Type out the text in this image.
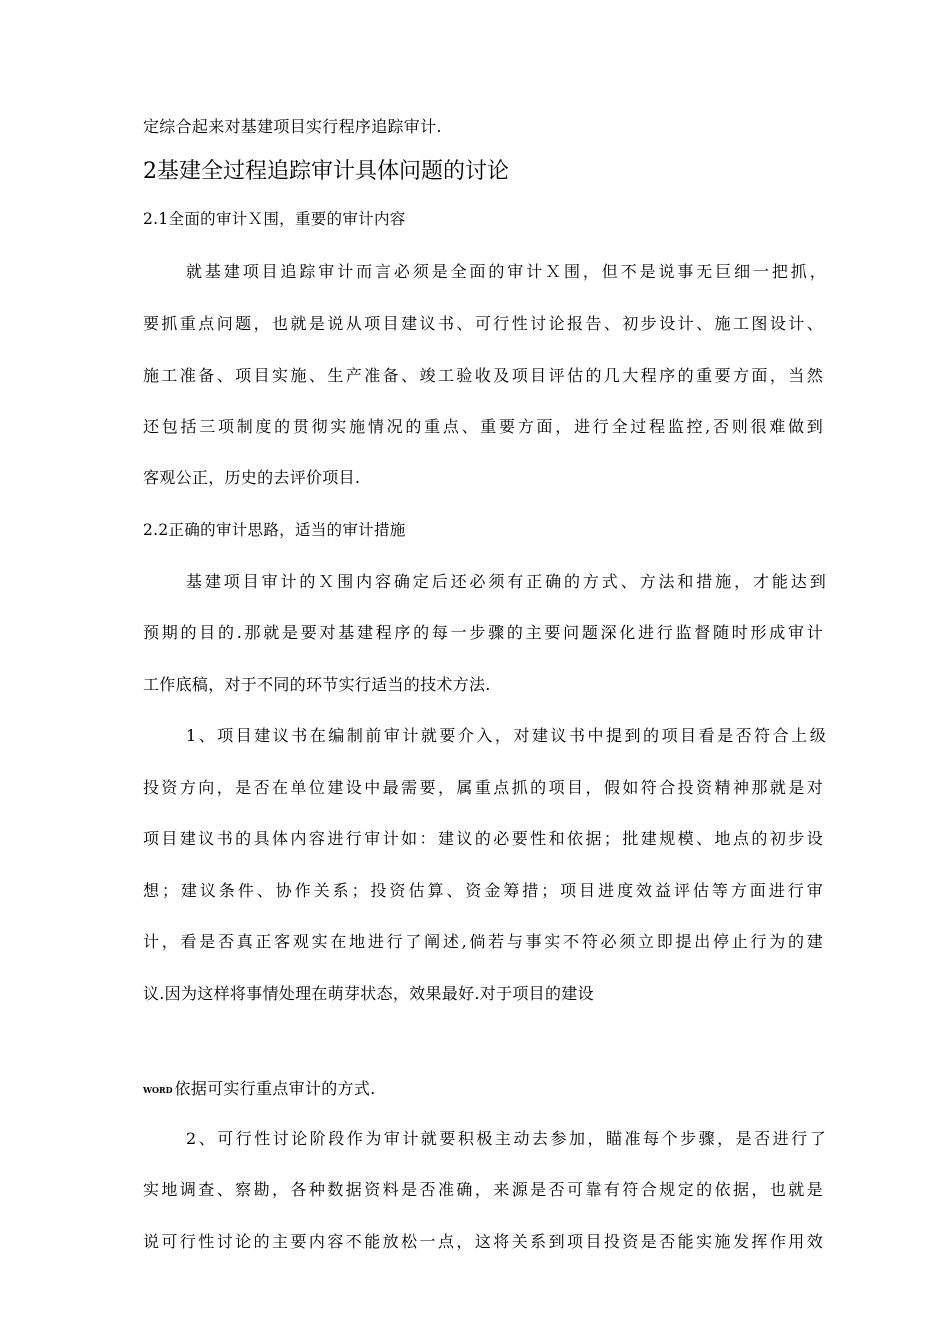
定综合起来对基建项目实行程序追踪审计.
2基建全过程追踪审计具体问题的讨论
2.1全面的审计Ｘ围，重要的审计内容
就基建项目追踪审计而言必须是全面的审计Ｘ围，但不是说事无巨细一把抓，
要抓重点问题，也就是说从项目建议书、可行性讨论报告、初步设计、施工图设计、
施工准备、项目实施、生产准备、竣工验收及项目评估的几大程序的重要方面，当然
还包括三项制度的贯彻实施情况的重点、重要方面，进行全过程监控,否则很难做到
客观公正，历史的去评价项目.
2.2正确的审计思路，适当的审计措施
基建项目审计的Ｘ围内容确定后还必须有正确的方式、方法和措施，才能达到
预期的目的.那就是要对基建程序的每一步骤的主要问题深化进行监督随时形成审计
工作底稿，对于不同的环节实行适当的技术方法.
1、项目建议书在编制前审计就要介入，对建议书中提到的项目看是否符合上级
投资方向，是否在单位建设中最需要，属重点抓的项目，假如符合投资精神那就是对
项目建议书的具体内容进行审计如：建议的必要性和依据；批建规模、地点的初步设
想；建议条件、协作关系；投资估算、资金筹措；项目进度效益评估等方面进行审
计，看是否真正客观实在地进行了阐述,倘若与事实不符必须立即提出停止行为的建
议.因为这样将事情处理在萌芽状态，效果最好.对于项目的建设
WORD 依据可实行重点审计的方式.
2、可行性讨论阶段作为审计就要积极主动去参加，瞄准每个步骤，是否进行了
实地调查、察勘，各种数据资料是否准确，来源是否可靠有符合规定的依据，也就是
说可行性讨论的主要内容不能放松一点，这将关系到项目投资是否能实施发挥作用效
